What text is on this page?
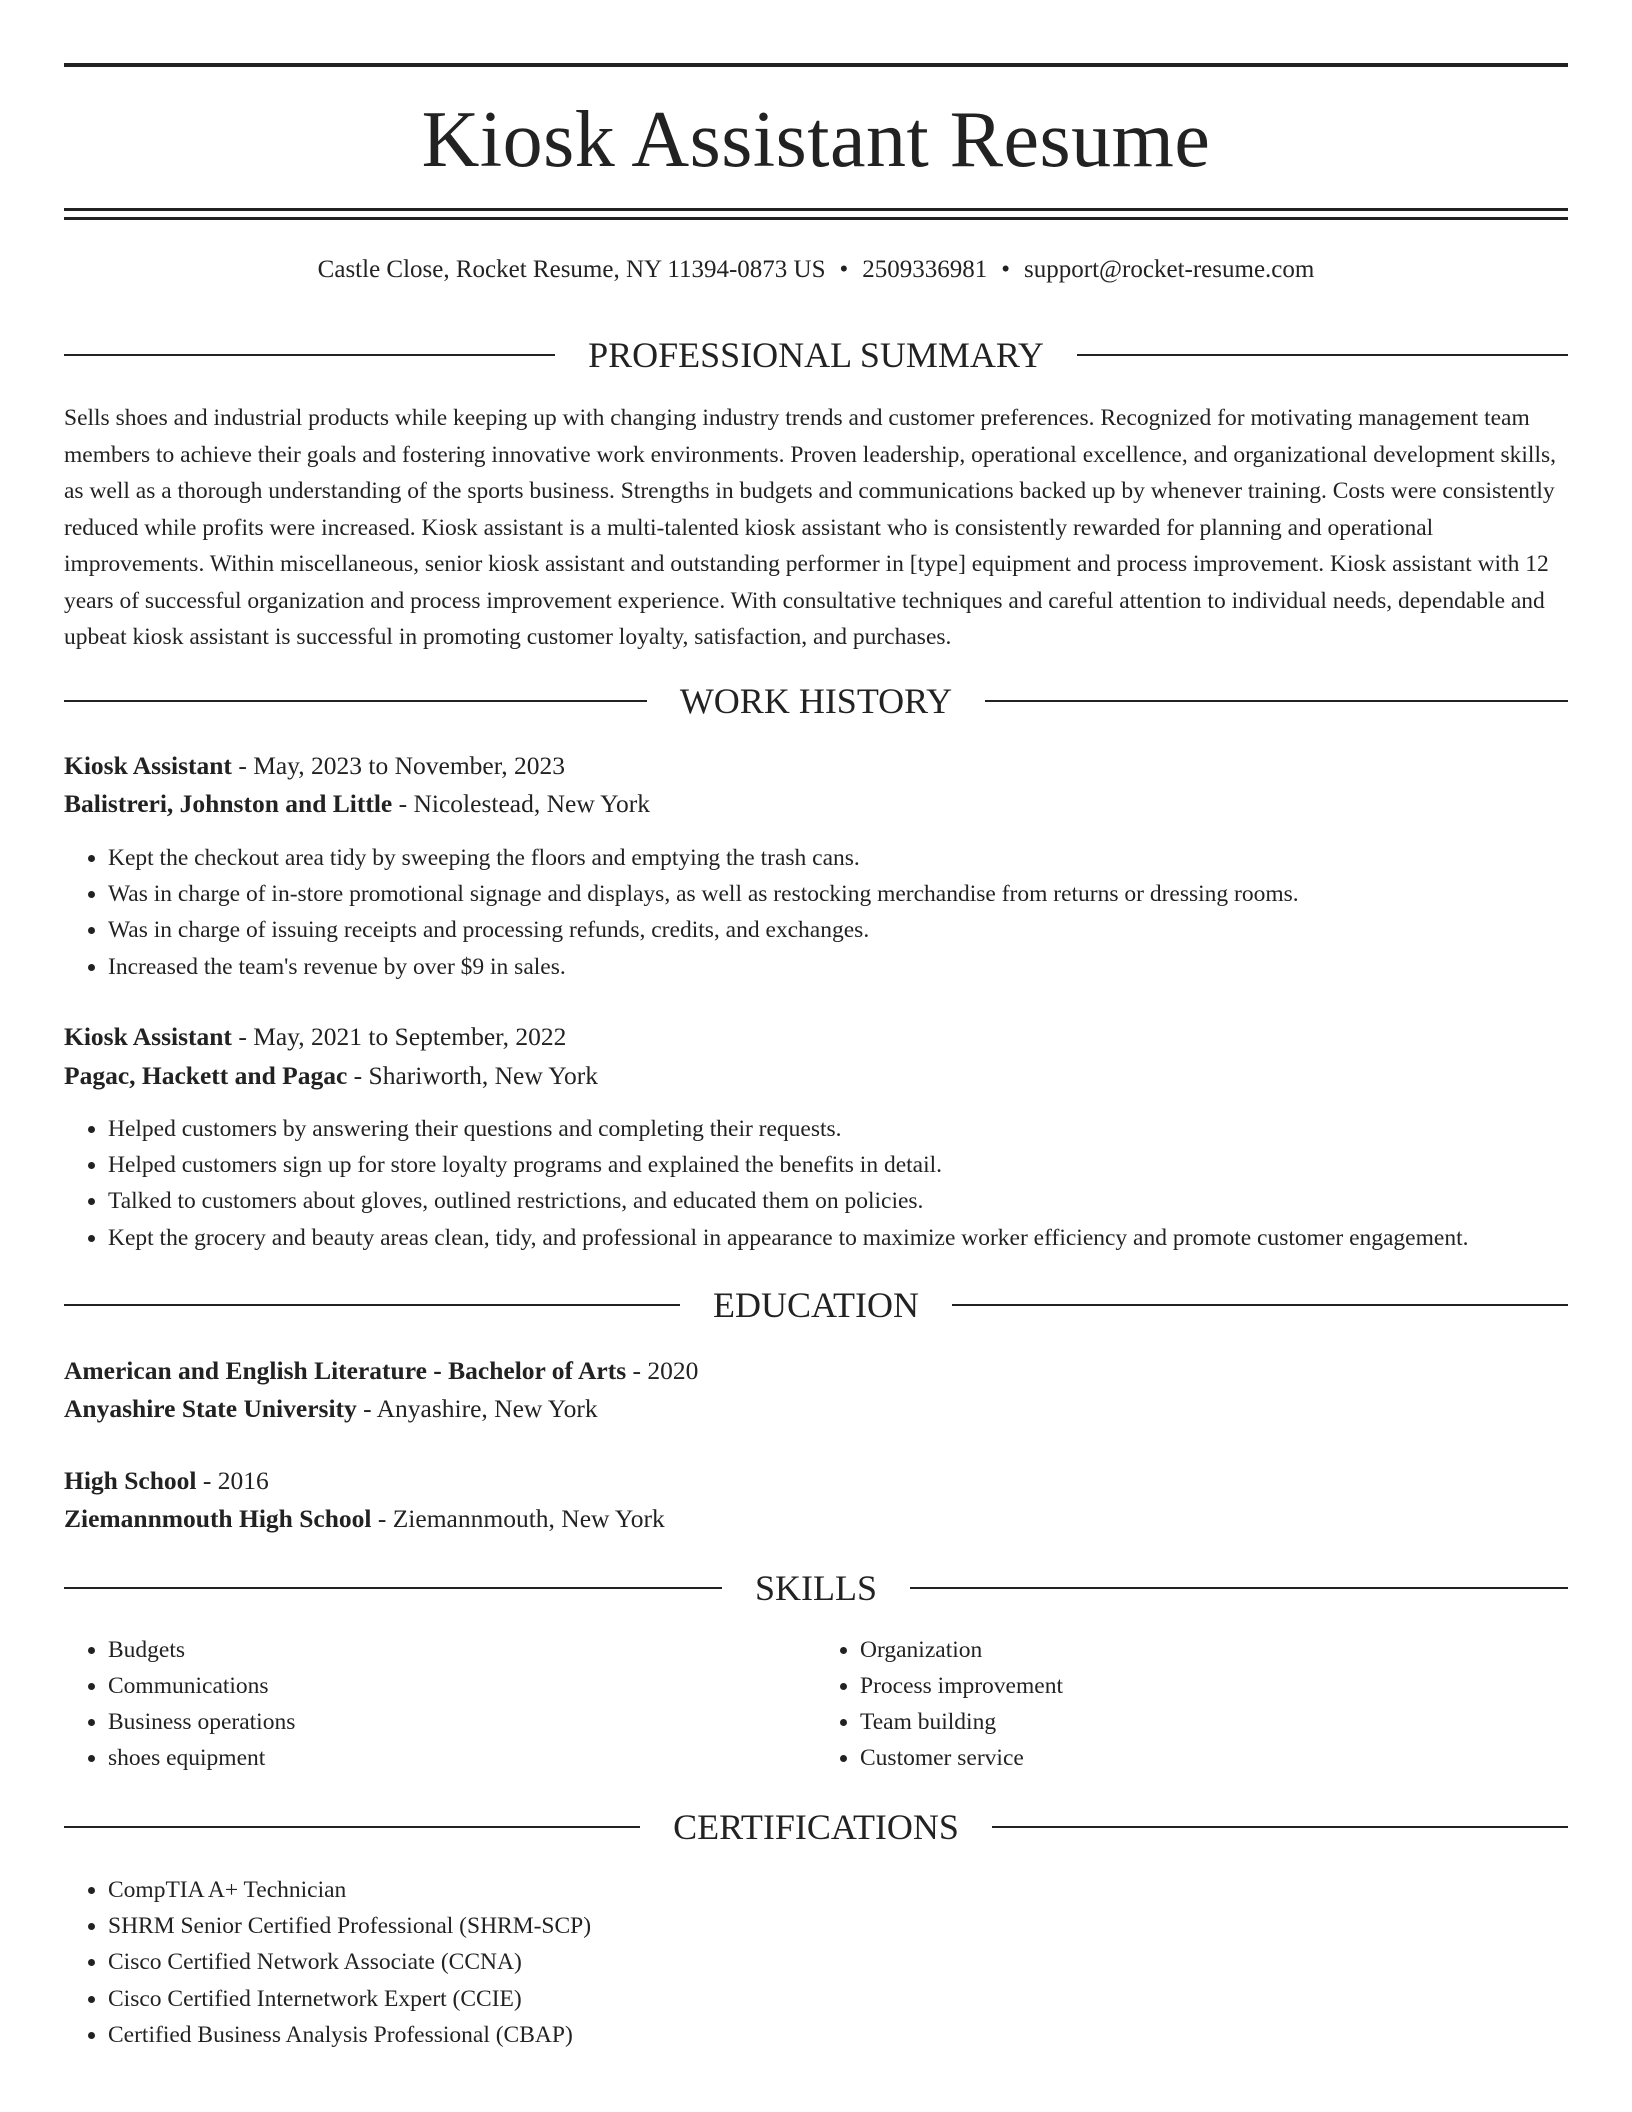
Kiosk Assistant Resume
Castle Close, Rocket Resume, NY 11394-0873 US • 2509336981 • support@rocket-resume.com
PROFESSIONAL SUMMARY

Sells shoes and industrial products while keeping up with changing industry trends and customer preferences. Recognized for motivating management team members to achieve their goals and fostering innovative work environments. Proven leadership, operational excellence, and organizational development skills, as well as a thorough understanding of the sports business. Strengths in budgets and communications backed up by whenever training. Costs were consistently reduced while profits were increased. Kiosk assistant is a multi-talented kiosk assistant who is consistently rewarded for planning and operational improvements. Within miscellaneous, senior kiosk assistant and outstanding performer in [type] equipment and process improvement. Kiosk assistant with 12 years of successful organization and process improvement experience. With consultative techniques and careful attention to individual needs, dependable and upbeat kiosk assistant is successful in promoting customer loyalty, satisfaction, and purchases.

WORK HISTORY

Kiosk Assistant - May, 2023 to November, 2023

Balistreri, Johnston and Little - Nicolestead, New York

• Kept the checkout area tidy by sweeping the floors and emptying the trash cans.
• Was in charge of in-store promotional signage and displays, as well as restocking merchandise from returns or dressing rooms.
• Was in charge of issuing receipts and processing refunds, credits, and exchanges.
• Increased the team's revenue by over $9 in sales.

Kiosk Assistant - May, 2021 to September, 2022

Pagac, Hackett and Pagac - Shariworth, New York

• Helped customers by answering their questions and completing their requests.
• Helped customers sign up for store loyalty programs and explained the benefits in detail.
• Talked to customers about gloves, outlined restrictions, and educated them on policies.
• Kept the grocery and beauty areas clean, tidy, and professional in appearance to maximize worker efficiency and promote customer engagement.
EDUCATION

American and English Literature - Bachelor of Arts - 2020

Anyashire State University - Anyashire, New York

High School - 2016

Ziemannmouth High School - Ziemannmouth, New York

SKILLS
• Budgets
• Communications
• Business operations
• shoes equipment
• Organization
• Process improvement
• Team building
• Customer service
CERTIFICATIONS
• CompTIA A+ Technician
• SHRM Senior Certified Professional (SHRM-SCP)
• Cisco Certified Network Associate (CCNA)
• Cisco Certified Internetwork Expert (CCIE)
• Certified Business Analysis Professional (CBAP)
